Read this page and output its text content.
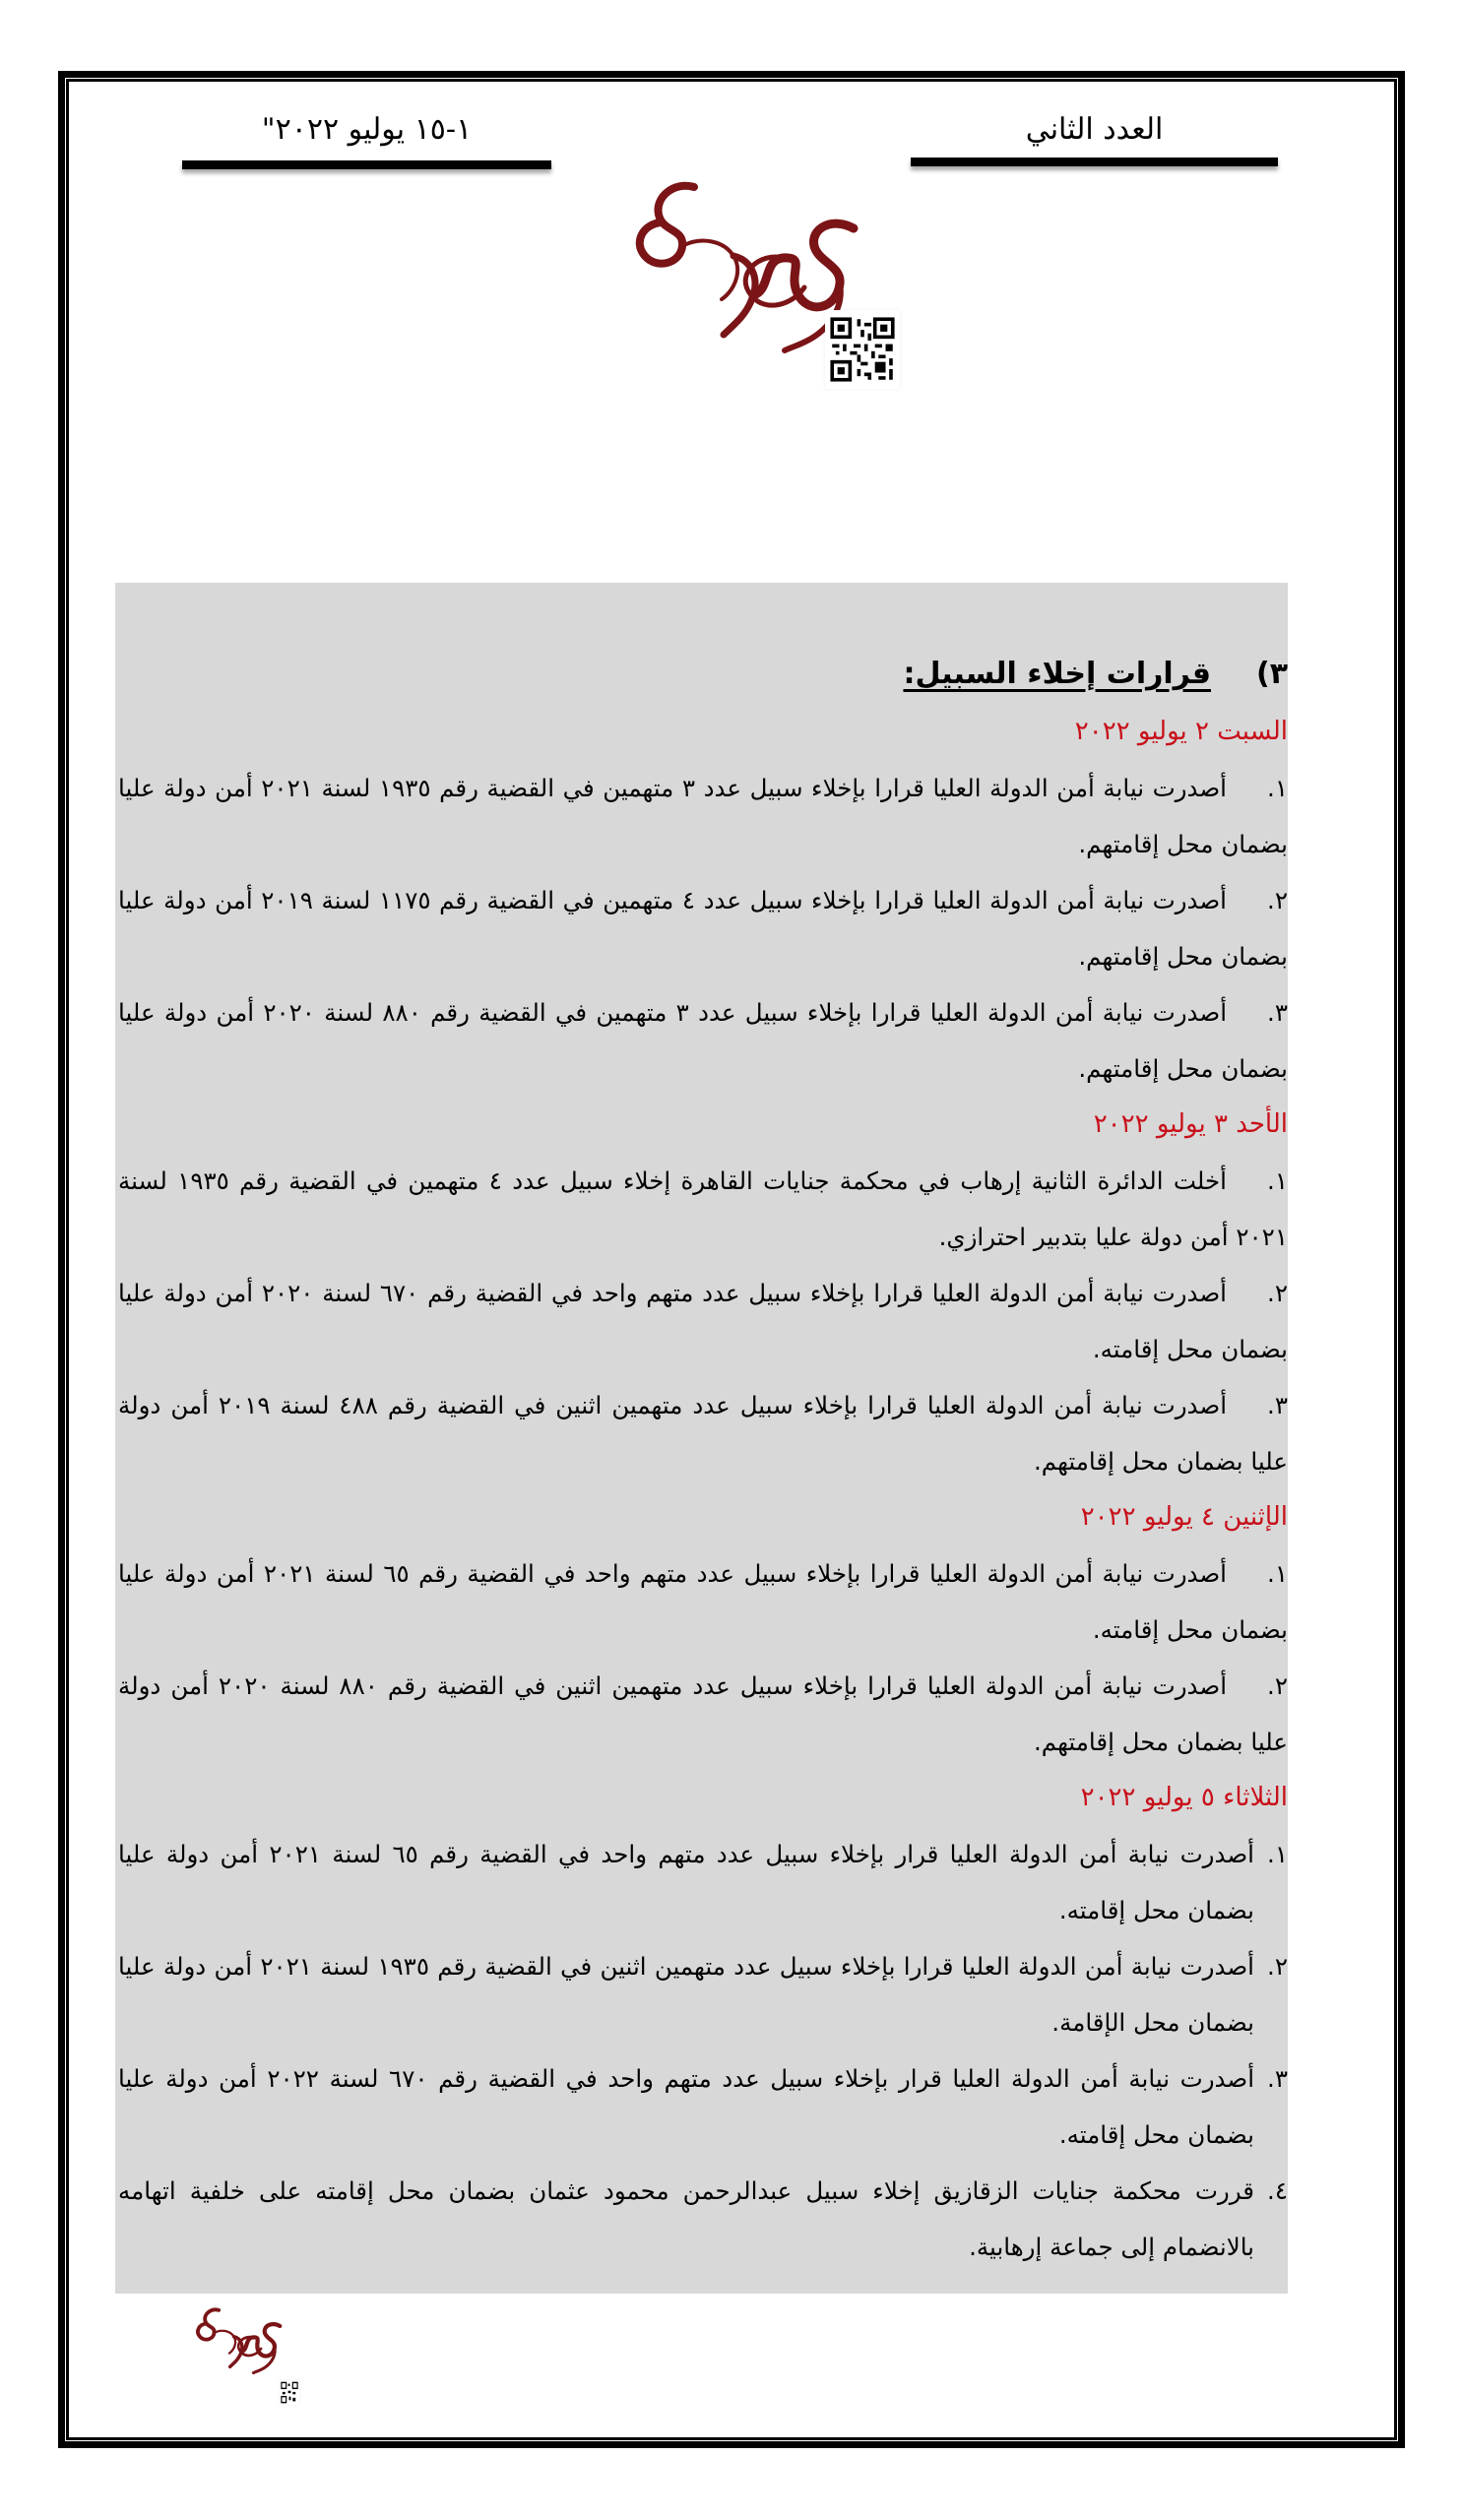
العدد الثاني
١-١٥ يوليو ٢٠٢٢"
٣)
قرارات إخلاء السبيل:
السبت ٢ يوليو ٢٠٢٢
١.أصدرت نيابة أمن الدولة العليا قرارا بإخلاء سبيل عدد ٣ متهمين في القضية رقم ١٩٣٥ لسنة ٢٠٢١ أمن دولة عليا بضمان محل إقامتهم.
٢.أصدرت نيابة أمن الدولة العليا قرارا بإخلاء سبيل عدد ٤ متهمين في القضية رقم ١١٧٥ لسنة ٢٠١٩ أمن دولة عليا بضمان محل إقامتهم.
٣.أصدرت نيابة أمن الدولة العليا قرارا بإخلاء سبيل عدد ٣ متهمين في القضية رقم ٨٨٠ لسنة ٢٠٢٠ أمن دولة عليا بضمان محل إقامتهم.
الأحد ٣ يوليو ٢٠٢٢
١.أخلت الدائرة الثانية إرهاب في محكمة جنايات القاهرة إخلاء سبيل عدد ٤ متهمين في القضية رقم ١٩٣٥ لسنة ٢٠٢١ أمن دولة عليا بتدبير احترازي.
٢.أصدرت نيابة أمن الدولة العليا قرارا بإخلاء سبيل عدد متهم واحد في القضية رقم ٦٧٠ لسنة ٢٠٢٠ أمن دولة عليا بضمان محل إقامته.
٣.أصدرت نيابة أمن الدولة العليا قرارا بإخلاء سبيل عدد متهمين اثنين في القضية رقم ٤٨٨ لسنة ٢٠١٩ أمن دولة عليا بضمان محل إقامتهم.
الإثنين ٤ يوليو ٢٠٢٢
١.أصدرت نيابة أمن الدولة العليا قرارا بإخلاء سبيل عدد متهم واحد في القضية رقم ٦٥ لسنة ٢٠٢١ أمن دولة عليا بضمان محل إقامته.
٢.أصدرت نيابة أمن الدولة العليا قرارا بإخلاء سبيل عدد متهمين اثنين في القضية رقم ٨٨٠ لسنة ٢٠٢٠ أمن دولة عليا بضمان محل إقامتهم.
الثلاثاء ٥ يوليو ٢٠٢٢
١.
أصدرت نيابة أمن الدولة العليا قرار بإخلاء سبيل عدد متهم واحد في القضية رقم ٦٥ لسنة ٢٠٢١ أمن دولة عليا بضمان محل إقامته.
٢.
أصدرت نيابة أمن الدولة العليا قرارا بإخلاء سبيل عدد متهمين اثنين في القضية رقم ١٩٣٥ لسنة ٢٠٢١ أمن دولة عليا بضمان محل الإقامة.
٣.
أصدرت نيابة أمن الدولة العليا قرار بإخلاء سبيل عدد متهم واحد في القضية رقم ٦٧٠ لسنة ٢٠٢٢ أمن دولة عليا بضمان محل إقامته.
٤.
قررت محكمة جنايات الزقازيق إخلاء سبيل عبدالرحمن محمود عثمان بضمان محل إقامته على خلفية اتهامه بالانضمام إلى جماعة إرهابية.
